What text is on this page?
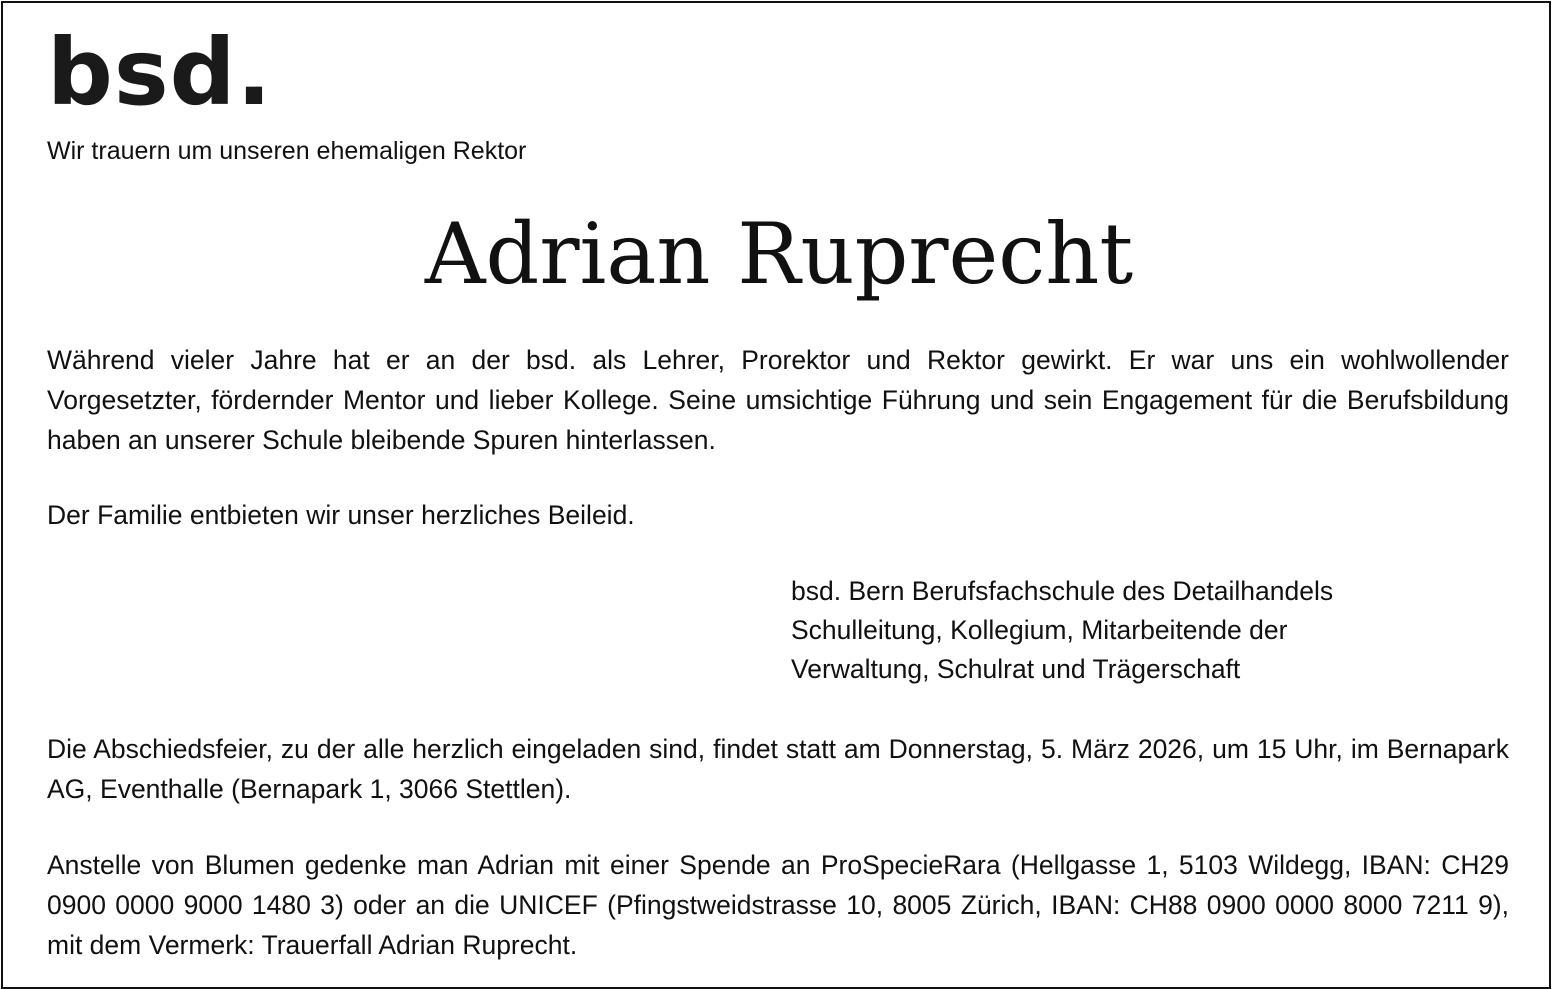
bsd.
Wir trauern um unseren ehemaligen Rektor
Adrian Ruprecht

Während vieler Jahre hat er an der bsd. als Lehrer, Prorektor und Rektor gewirkt. Er war uns ein wohlwollender Vorgesetzter, fördernder Mentor und lieber Kollege. Seine umsichtige Führung und sein Engagement für die Berufsbildung haben an unserer Schule bleibende Spuren hinterlassen.

Der Familie entbieten wir unser herzliches Beileid.

bsd. Bern Berufsfachschule des Detailhandels
Schulleitung, Kollegium, Mitarbeitende der
Verwaltung, Schulrat und Trägerschaft

Die Abschiedsfeier, zu der alle herzlich eingeladen sind, findet statt am Donnerstag, 5. März 2026, um 15 Uhr, im Bernapark AG, Eventhalle (Bernapark 1, 3066 Stettlen).

Anstelle von Blumen gedenke man Adrian mit einer Spende an ProSpecieRara (Hellgasse 1, 5103 Wildegg, IBAN: CH29 0900 0000 9000 1480 3) oder an die UNICEF (Pfingstweidstrasse 10, 8005 Zürich, IBAN: CH88 0900 0000 8000 7211 9), mit dem Vermerk: Trauerfall Adrian Ruprecht.
